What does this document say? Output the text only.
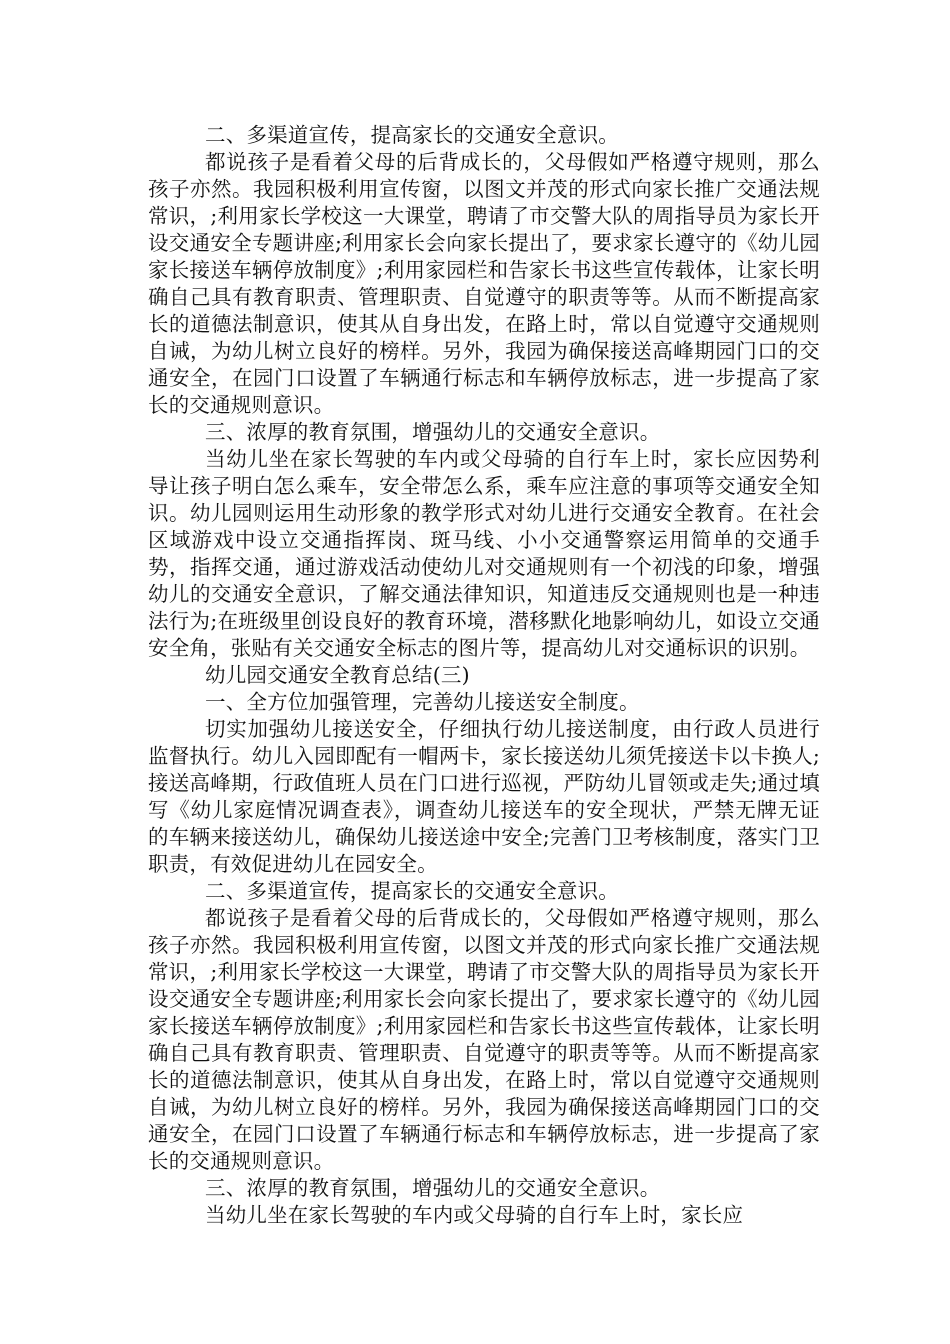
二、多渠道宣传，提高家长的交通安全意识。

都说孩子是看着父母的后背成长的，父母假如严格遵守规则，那么孩子亦然。我园积极利用宣传窗，以图文并茂的形式向家长推广交通法规常识，;利用家长学校这一大课堂，聘请了市交警大队的周指导员为家长开设交通安全专题讲座;利用家长会向家长提出了，要求家长遵守的《幼儿园家长接送车辆停放制度》;利用家园栏和告家长书这些宣传载体，让家长明确自己具有教育职责、管理职责、自觉遵守的职责等等。从而不断提高家长的道德法制意识，使其从自身出发，在路上时，常以自觉遵守交通规则自诫，为幼儿树立良好的榜样。另外，我园为确保接送高峰期园门口的交通安全，在园门口设置了车辆通行标志和车辆停放标志，进一步提高了家长的交通规则意识。

三、浓厚的教育氛围，增强幼儿的交通安全意识。

当幼儿坐在家长驾驶的车内或父母骑的自行车上时，家长应因势利导让孩子明白怎么乘车，安全带怎么系，乘车应注意的事项等交通安全知识。幼儿园则运用生动形象的教学形式对幼儿进行交通安全教育。在社会区域游戏中设立交通指挥岗、斑马线、小小交通警察运用简单的交通手势，指挥交通，通过游戏活动使幼儿对交通规则有一个初浅的印象，增强幼儿的交通安全意识，了解交通法律知识，知道违反交通规则也是一种违法行为;在班级里创设良好的教育环境，潜移默化地影响幼儿，如设立交通安全角，张贴有关交通安全标志的图片等，提高幼儿对交通标识的识别。

幼儿园交通安全教育总结(三)

一、全方位加强管理，完善幼儿接送安全制度。

切实加强幼儿接送安全，仔细执行幼儿接送制度，由行政人员进行监督执行。幼儿入园即配有一帽两卡，家长接送幼儿须凭接送卡以卡换人;接送高峰期，行政值班人员在门口进行巡视，严防幼儿冒领或走失;通过填写《幼儿家庭情况调查表》，调查幼儿接送车的安全现状，严禁无牌无证的车辆来接送幼儿，确保幼儿接送途中安全;完善门卫考核制度，落实门卫职责，有效促进幼儿在园安全。

二、多渠道宣传，提高家长的交通安全意识。

都说孩子是看着父母的后背成长的，父母假如严格遵守规则，那么孩子亦然。我园积极利用宣传窗，以图文并茂的形式向家长推广交通法规常识，;利用家长学校这一大课堂，聘请了市交警大队的周指导员为家长开设交通安全专题讲座;利用家长会向家长提出了，要求家长遵守的《幼儿园家长接送车辆停放制度》;利用家园栏和告家长书这些宣传载体，让家长明确自己具有教育职责、管理职责、自觉遵守的职责等等。从而不断提高家长的道德法制意识，使其从自身出发，在路上时，常以自觉遵守交通规则自诫，为幼儿树立良好的榜样。另外，我园为确保接送高峰期园门口的交通安全，在园门口设置了车辆通行标志和车辆停放标志，进一步提高了家长的交通规则意识。

三、浓厚的教育氛围，增强幼儿的交通安全意识。

当幼儿坐在家长驾驶的车内或父母骑的自行车上时，家长应
